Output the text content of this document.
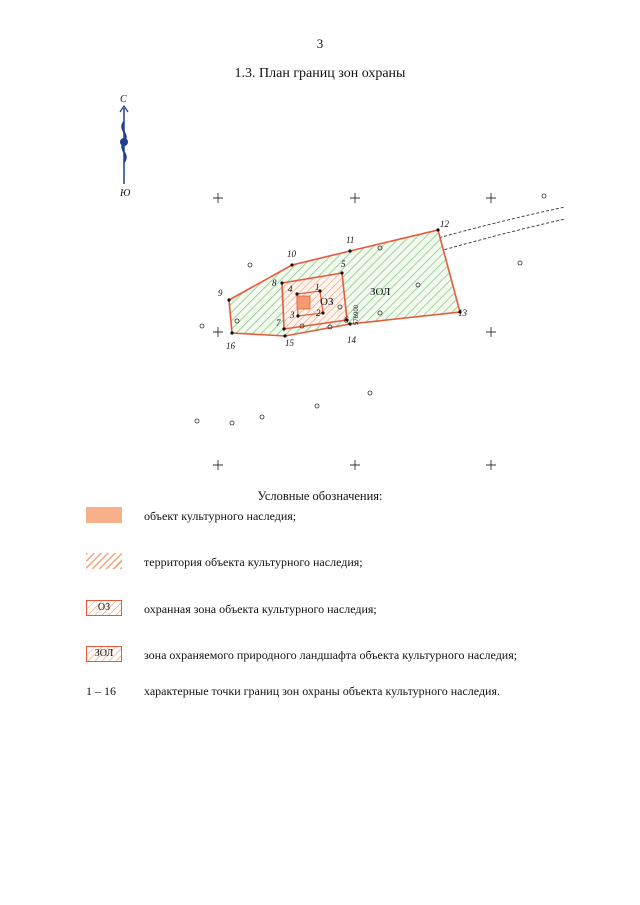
3
1.3. План границ зон охраны
С
Ю
1
2
3
4
5
6
7
8
9
10
11
12
13
14
15
16
ОЗ
ЗОЛ
576900
Условные обозначения:
объект культурного наследия;
территория объекта культурного наследия;
ОЗ	охранная зона объекта культурного наследия;
ЗОЛ	зона охраняемого природного ландшафта объекта культурного наследия;
1 – 16 характерные точки границ зон охраны объекта культурного наследия.
